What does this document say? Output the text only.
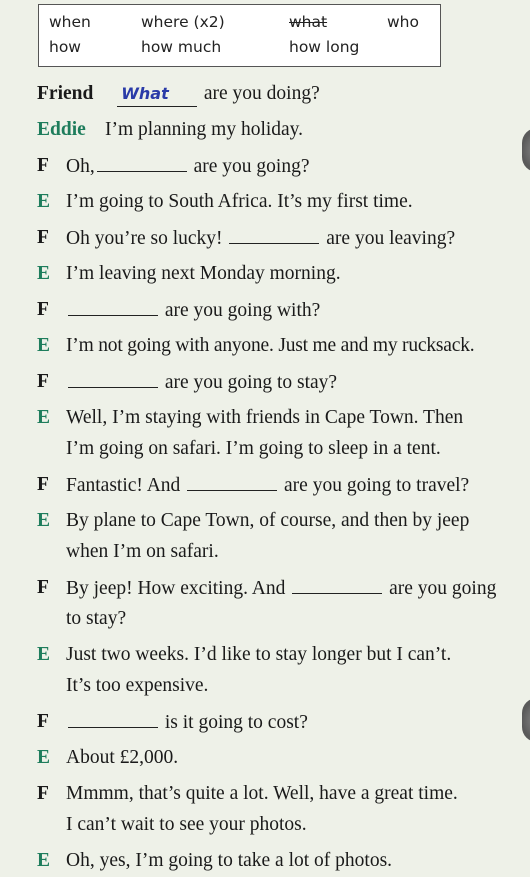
when	where (x2)	what	who
how	how much	how long
Friend	What are you doing?
Eddie I’m planning my holiday.
F Oh,	are you going?
E I’m going to South Africa. It’s my first time.
F Oh you’re so lucky!	are you leaving?
E I’m leaving next Monday morning.
F	are you going with?
E I’m not going with anyone. Just me and my rucksack.
F	are you going to stay?
E Well, I’m staying with friends in Cape Town. Then
I’m going on safari. I’m going to sleep in a tent.
F Fantastic! And	are you going to travel?
E By plane to Cape Town, of course, and then by jeep
when I’m on safari.
F By jeep! How exciting. And	are you going
to stay?
E Just two weeks. I’d like to stay longer but I can’t.
It’s too expensive.
F	is it going to cost?
E About £2,000.
F Mmmm, that’s quite a lot. Well, have a great time.
I can’t wait to see your photos.
E Oh, yes, I’m going to take a lot of photos.
